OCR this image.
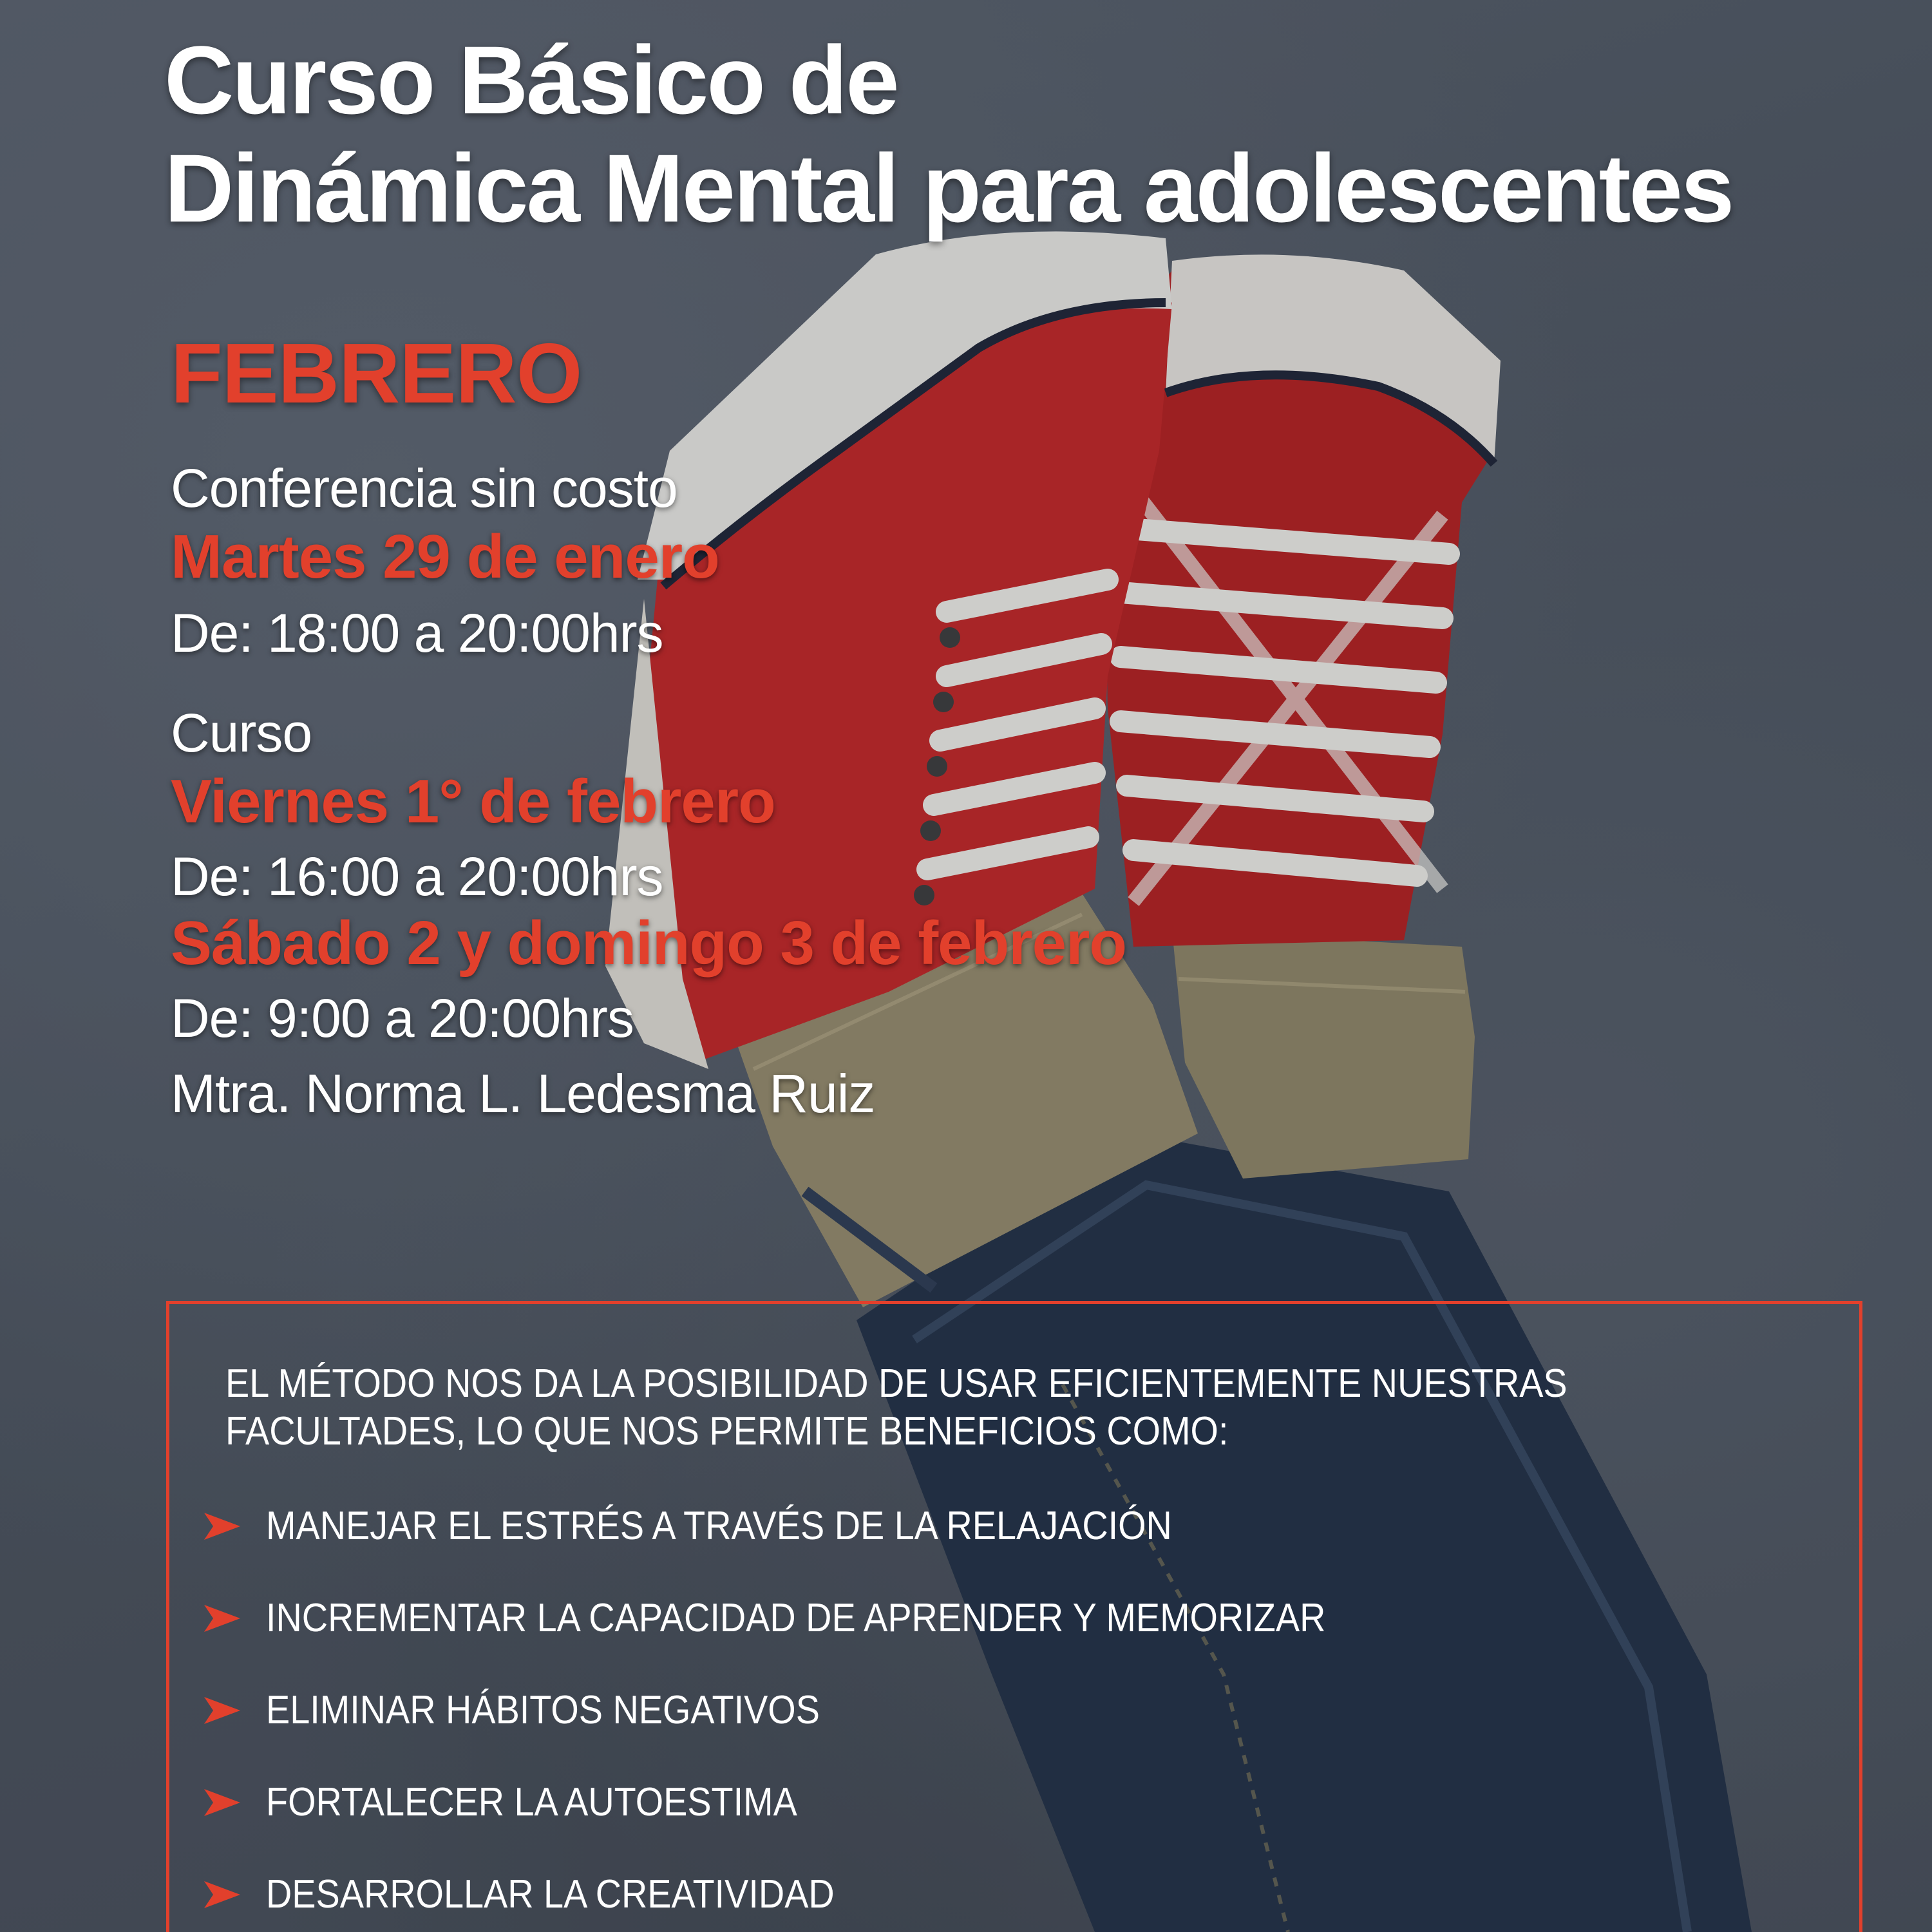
Curso Básico de
Dinámica Mental para adolescentes
FEBRERO
Conferencia sin costo
Martes 29 de enero
De: 18:00 a 20:00hrs
Curso
Viernes 1° de febrero
De: 16:00 a 20:00hrs
Sábado 2 y domingo 3 de febrero
De: 9:00 a 20:00hrs
Mtra. Norma L. Ledesma Ruiz
EL MÉTODO NOS DA LA POSIBILIDAD DE USAR EFICIENTEMENTE NUESTRAS FACULTADES, LO QUE NOS PERMITE BENEFICIOS COMO:
MANEJAR EL ESTRÉS A TRAVÉS DE LA RELAJACIÓN
INCREMENTAR LA CAPACIDAD DE APRENDER Y MEMORIZAR
ELIMINAR HÁBITOS NEGATIVOS
FORTALECER LA AUTOESTIMA
DESARROLLAR LA CREATIVIDAD
